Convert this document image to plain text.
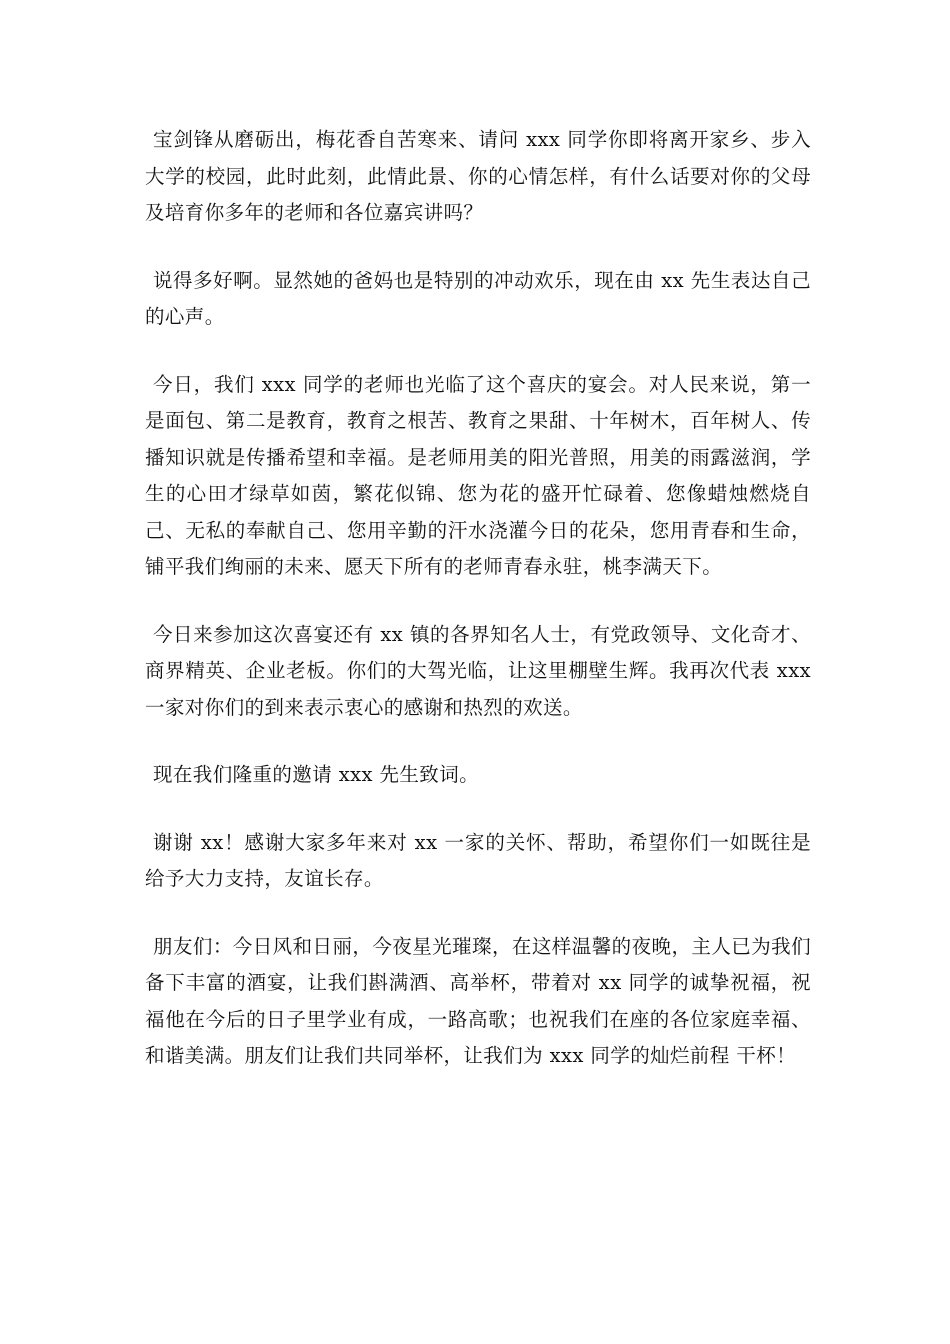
宝剑锋从磨砺出，梅花香自苦寒来、请问 xxx 同学你即将离开家乡、步入大学的校园，此时此刻，此情此景、你的心情怎样，有什么话要对你的父母及培育你多年的老师和各位嘉宾讲吗？

说得多好啊。显然她的爸妈也是特别的冲动欢乐，现在由 xx 先生表达自己的心声。

今日，我们 xxx 同学的老师也光临了这个喜庆的宴会。对人民来说，第一是面包、第二是教育，教育之根苦、教育之果甜、十年树木，百年树人、传播知识就是传播希望和幸福。是老师用美的阳光普照，用美的雨露滋润，学生的心田才绿草如茵，繁花似锦、您为花的盛开忙碌着、您像蜡烛燃烧自己、无私的奉献自己、您用辛勤的汗水浇灌今日的花朵，您用青春和生命，铺平我们绚丽的未来、愿天下所有的老师青春永驻，桃李满天下。

今日来参加这次喜宴还有 xx 镇的各界知名人士，有党政领导、文化奇才、商界精英、企业老板。你们的大驾光临，让这里棚壁生辉。我再次代表 xxx 一家对你们的到来表示衷心的感谢和热烈的欢送。

现在我们隆重的邀请 xxx 先生致词。

谢谢 xx！感谢大家多年来对 xx 一家的关怀、帮助，希望你们一如既往是给予大力支持，友谊长存。

朋友们：今日风和日丽，今夜星光璀璨，在这样温馨的夜晚，主人已为我们备下丰富的酒宴，让我们斟满酒、高举杯，带着对 xx 同学的诚挚祝福，祝福他在今后的日子里学业有成，一路高歌；也祝我们在座的各位家庭幸福、和谐美满。朋友们让我们共同举杯，让我们为 xxx 同学的灿烂前程 干杯！
